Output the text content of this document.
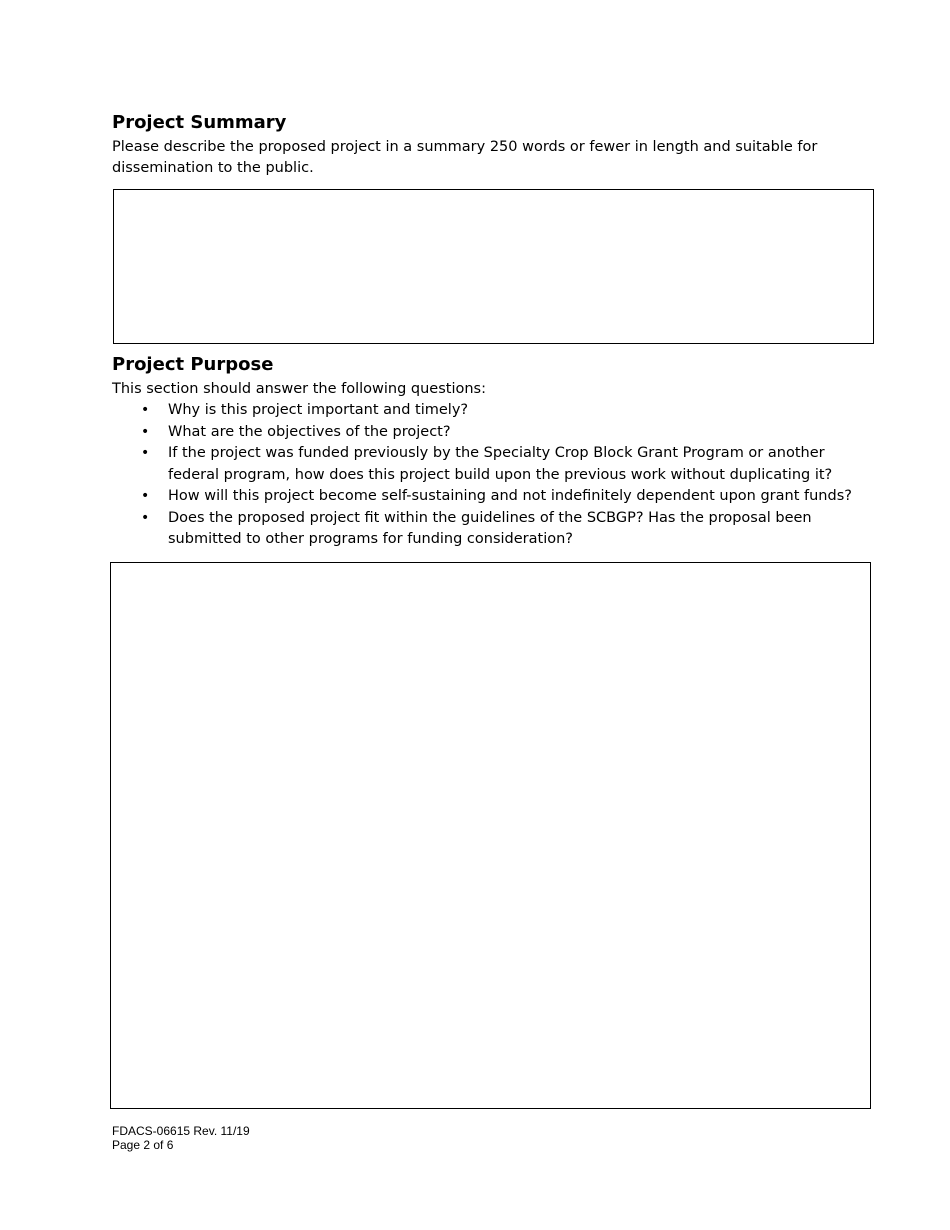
Project Summary

Please describe the proposed project in a summary 250 words or fewer in length and suitable for dissemination to the public.

Project Purpose

This section should answer the following questions:

• Why is this project important and timely?
• What are the objectives of the project?
• If the project was funded previously by the Specialty Crop Block Grant Program or another federal program, how does this project build upon the previous work without duplicating it?
• How will this project become self-sustaining and not indefinitely dependent upon grant funds?
• Does the proposed project fit within the guidelines of the SCBGP? Has the proposal been submitted to other programs for funding consideration?
FDACS-06615 Rev. 11/19
Page 2 of 6
